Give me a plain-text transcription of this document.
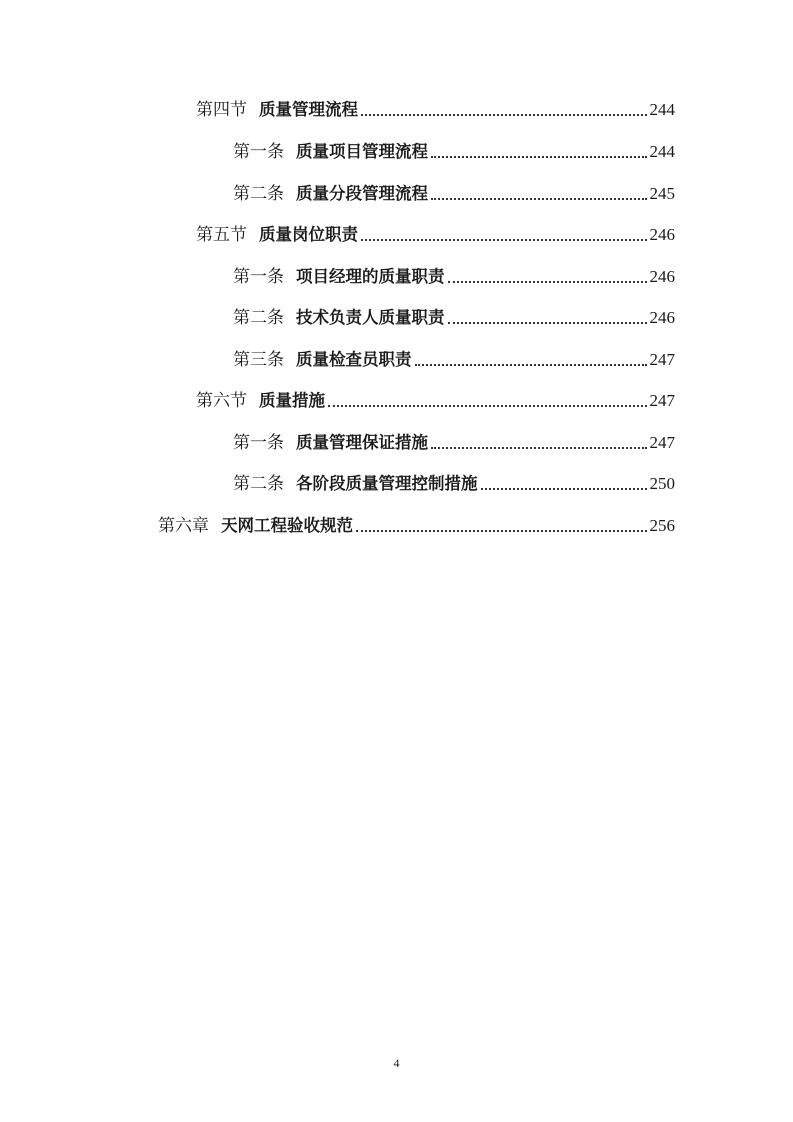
第四节 质量管理流程	244
第一条 质量项目管理流程	244
第二条 质量分段管理流程	245
第五节 质量岗位职责	246
第一条 项目经理的质量职责	246
第二条 技术负责人质量职责	246
第三条 质量检查员职责	247
第六节 质量措施	247
第一条 质量管理保证措施	247
第二条 各阶段质量管理控制措施	250
第六章 天网工程验收规范	256
4
